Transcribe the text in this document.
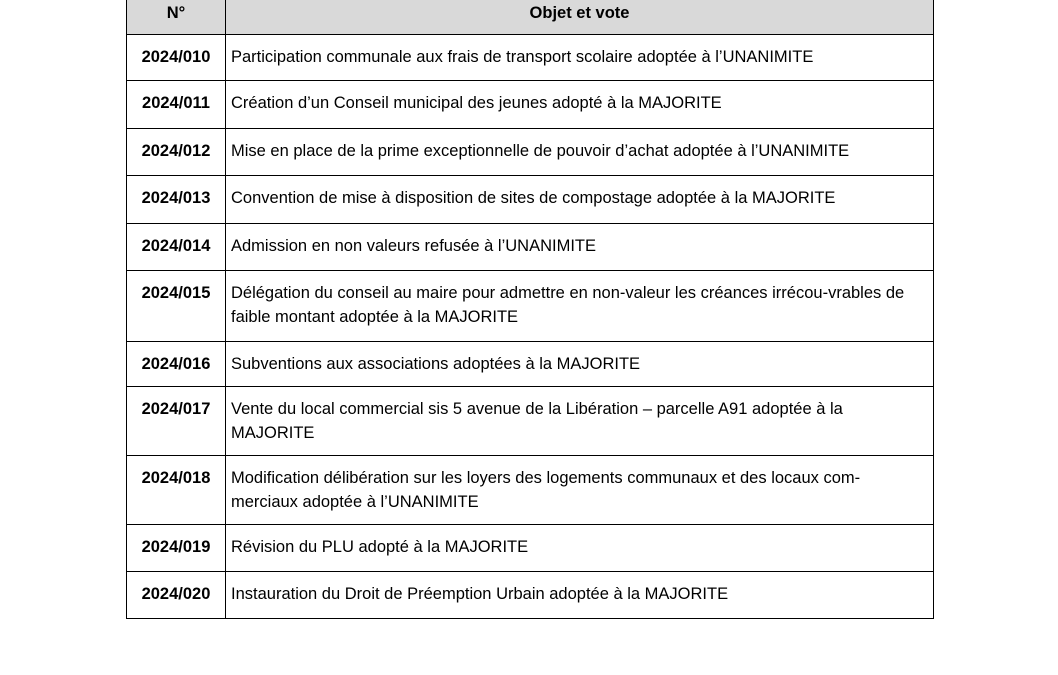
N°	Objet et vote
2024/010	Participation communale aux frais de transport scolaire adoptée à l’UNANIMITE
2024/011	Création d’un Conseil municipal des jeunes adopté à la MAJORITE
2024/012	Mise en place de la prime exceptionnelle de pouvoir d’achat adoptée à l’UNANIMITE
2024/013	Convention de mise à disposition de sites de compostage adoptée à la MAJORITE
2024/014	Admission en non valeurs refusée à l’UNANIMITE
2024/015	Délégation du conseil au maire pour admettre en non-valeur les créances irrécou-vrables de faible montant adoptée à la MAJORITE
2024/016	Subventions aux associations adoptées à la MAJORITE
2024/017	Vente du local commercial sis 5 avenue de la Libération – parcelle A91 adoptée à la MAJORITE
2024/018	Modification délibération sur les loyers des logements communaux et des locaux com-merciaux adoptée à l’UNANIMITE
2024/019	Révision du PLU adopté à la MAJORITE
2024/020	Instauration du Droit de Préemption Urbain adoptée à la MAJORITE
